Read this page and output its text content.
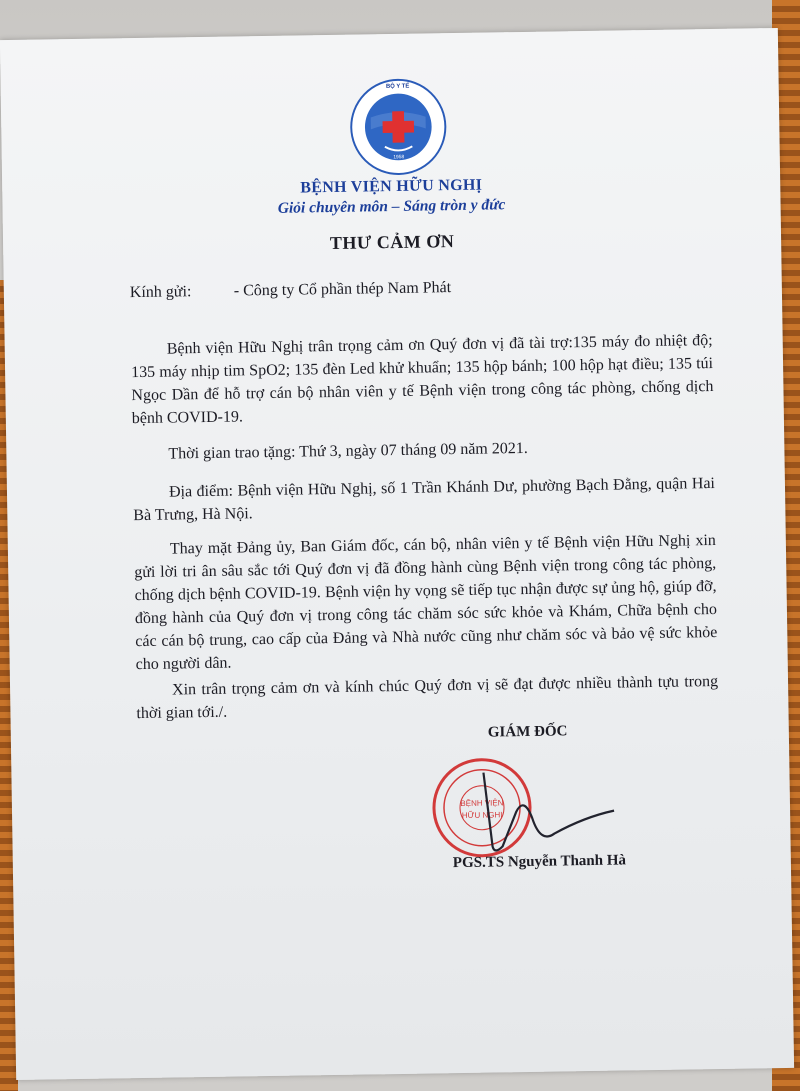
BỘ Y TẾ
1958
BỆNH VIỆN HỮU NGHỊ
Giỏi chuyên môn – Sáng tròn y đức
THƯ CẢM ƠN
Kính gửi:	- Công ty Cổ phần thép Nam Phát

Bệnh viện Hữu Nghị trân trọng cảm ơn Quý đơn vị đã tài trợ:135 máy đo nhiệt độ; 135 máy nhịp tim SpO2; 135 đèn Led khử khuẩn; 135 hộp bánh; 100 hộp hạt điều; 135 túi Ngọc Dần để hỗ trợ cán bộ nhân viên y tế Bệnh viện trong công tác phòng, chống dịch bệnh COVID-19.

Thời gian trao tặng: Thứ 3, ngày 07 tháng 09 năm 2021.

Địa điểm: Bệnh viện Hữu Nghị, số 1 Trần Khánh Dư, phường Bạch Đằng, quận Hai Bà Trưng, Hà Nội.

Thay mặt Đảng ủy, Ban Giám đốc, cán bộ, nhân viên y tế Bệnh viện Hữu Nghị xin gửi lời tri ân sâu sắc tới Quý đơn vị đã đồng hành cùng Bệnh viện trong công tác phòng, chống dịch bệnh COVID-19. Bệnh viện hy vọng sẽ tiếp tục nhận được sự ủng hộ, giúp đỡ, đồng hành của Quý đơn vị trong công tác chăm sóc sức khỏe và Khám, Chữa bệnh cho các cán bộ trung, cao cấp của Đảng và Nhà nước cũng như chăm sóc và bảo vệ sức khỏe cho người dân.

Xin trân trọng cảm ơn và kính chúc Quý đơn vị sẽ đạt được nhiều thành tựu trong thời gian tới./.

GIÁM ĐỐC
BỆNH VIỆN
HỮU NGHỊ
PGS.TS Nguyễn Thanh Hà
